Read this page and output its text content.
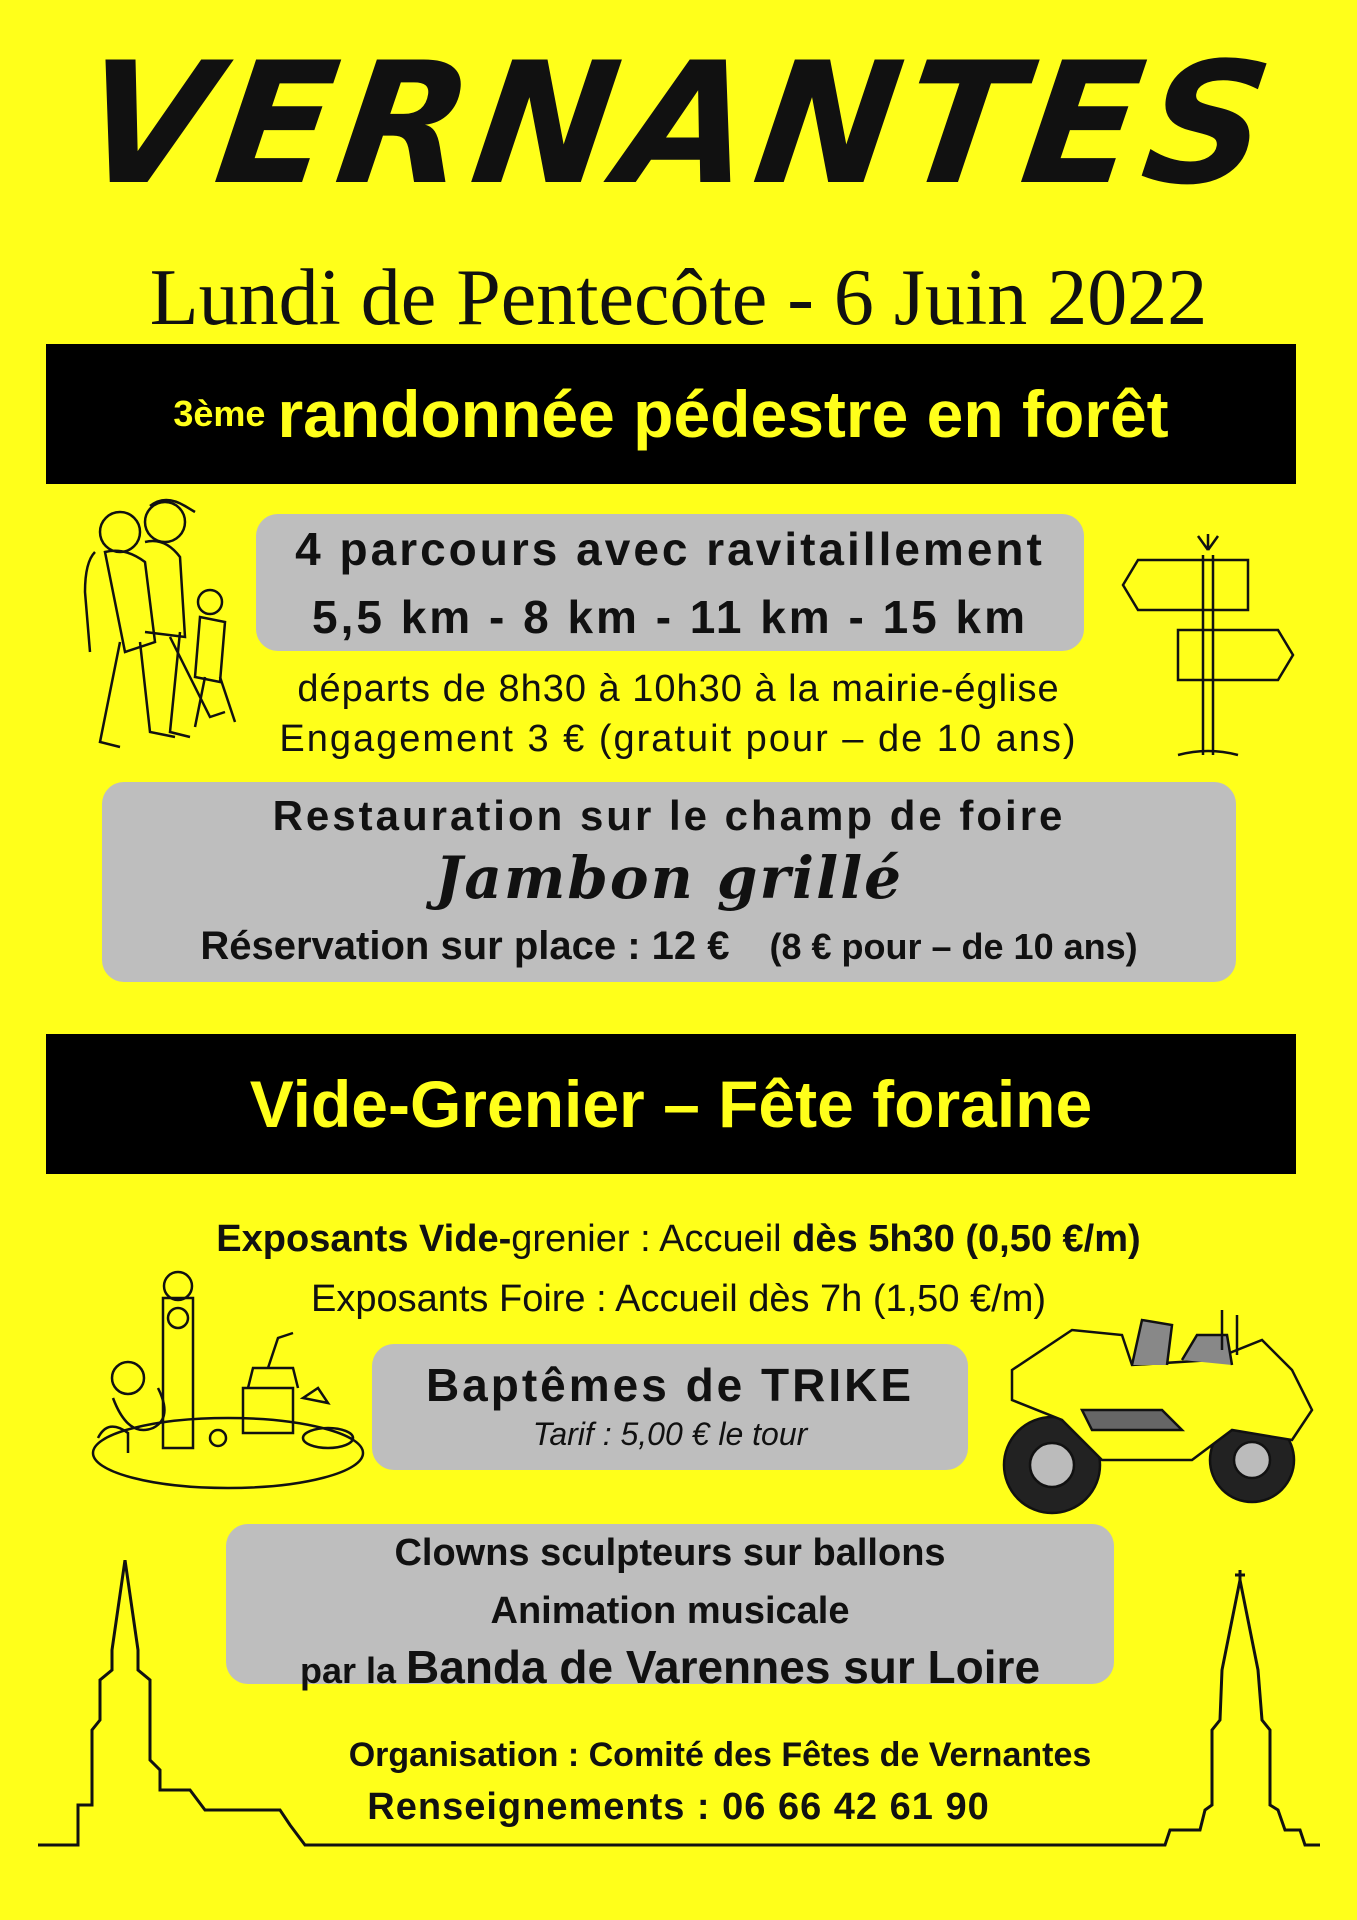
VERNANTES
Lundi de Pentecôte - 6 Juin 2022
3ème randonnée pédestre en forêt
4 parcours avec ravitaillement
5,5 km - 8 km - 11 km - 15 km
départs de 8h30 à 10h30 à la mairie-église
Engagement 3 € (gratuit pour – de 10 ans)
Restauration sur le champ de foire
Jambon grillé
Réservation sur place : 12 € (8 € pour – de 10 ans)
Vide-Grenier – Fête foraine
Exposants Vide-grenier : Accueil dès 5h30 (0,50 €/m)
Exposants Foire : Accueil dès 7h (1,50 €/m)
Baptêmes de TRIKE
Tarif : 5,00 € le tour
Clowns sculpteurs sur ballons
Animation musicale
par la Banda de Varennes sur Loire
Organisation : Comité des Fêtes de Vernantes
Renseignements : 06 66 42 61 90
